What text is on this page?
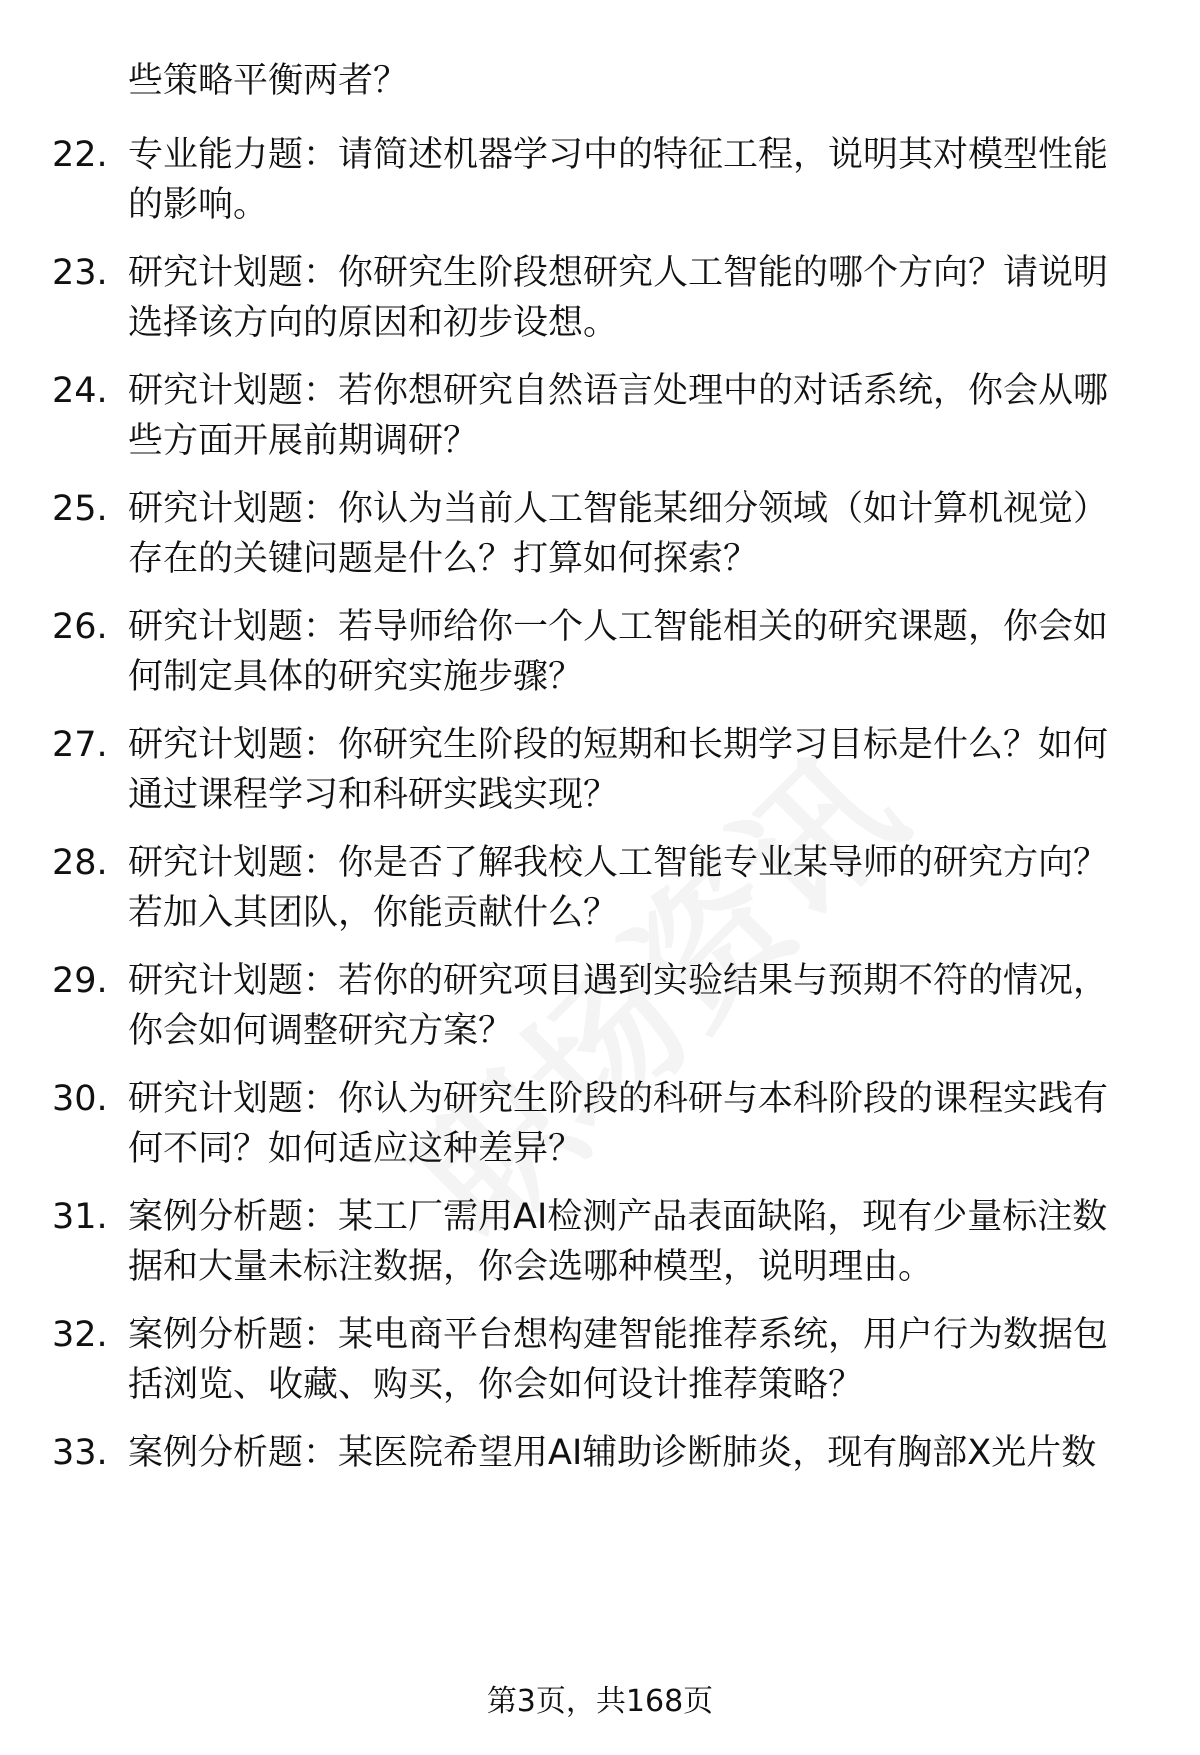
些策略平衡两者？
22. 专业能力题：请简述机器学习中的特征工程，说明其对模型性能
的影响。
23. 研究计划题：你研究生阶段想研究人工智能的哪个方向？请说明
选择该方向的原因和初步设想。
24. 研究计划题：若你想研究自然语言处理中的对话系统，你会从哪
些方面开展前期调研？
25. 研究计划题：你认为当前人工智能某细分领域（如计算机视觉）
存在的关键问题是什么？打算如何探索？
26. 研究计划题：若导师给你一个人工智能相关的研究课题，你会如
何制定具体的研究实施步骤？
27. 研究计划题：你研究生阶段的短期和长期学习目标是什么？如何
通过课程学习和科研实践实现？
28. 研究计划题：你是否了解我校人工智能专业某导师的研究方向？
若加入其团队，你能贡献什么？
29. 研究计划题：若你的研究项目遇到实验结果与预期不符的情况，
你会如何调整研究方案？
30. 研究计划题：你认为研究生阶段的科研与本科阶段的课程实践有
何不同？如何适应这种差异？
31. 案例分析题：某工厂需用AI检测产品表面缺陷，现有少量标注数
据和大量未标注数据，你会选哪种模型，说明理由。
32. 案例分析题：某电商平台想构建智能推荐系统，用户行为数据包
括浏览、收藏、购买，你会如何设计推荐策略？
33. 案例分析题：某医院希望用AI辅助诊断肺炎，现有胸部X光片数
第3页，共168页
